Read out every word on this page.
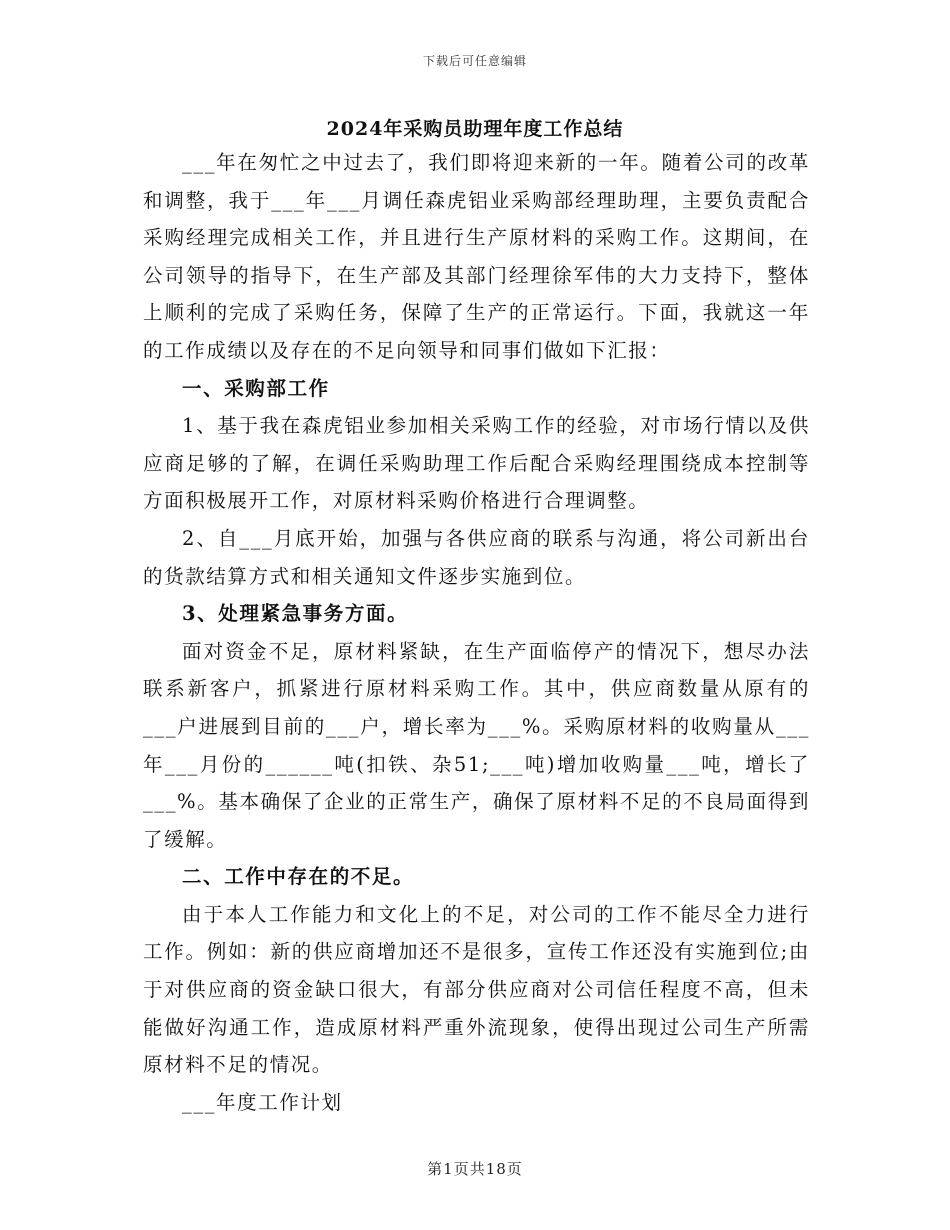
下载后可任意编辑
2024年采购员助理年度工作总结

___年在匆忙之中过去了，我们即将迎来新的一年。随着公司的改革和调整，我于___年___月调任森虎铝业采购部经理助理，主要负责配合采购经理完成相关工作，并且进行生产原材料的采购工作。这期间，在公司领导的指导下，在生产部及其部门经理徐军伟的大力支持下，整体上顺利的完成了采购任务，保障了生产的正常运行。下面，我就这一年的工作成绩以及存在的不足向领导和同事们做如下汇报：

一、采购部工作

1、基于我在森虎铝业参加相关采购工作的经验，对市场行情以及供应商足够的了解，在调任采购助理工作后配合采购经理围绕成本控制等方面积极展开工作，对原材料采购价格进行合理调整。

2、自___月底开始，加强与各供应商的联系与沟通，将公司新出台的货款结算方式和相关通知文件逐步实施到位。

3、处理紧急事务方面。

面对资金不足，原材料紧缺，在生产面临停产的情况下，想尽办法联系新客户，抓紧进行原材料采购工作。其中，供应商数量从原有的___户进展到目前的___户，增长率为___%。采购原材料的收购量从___年___月份的______吨(扣铁、杂51;___吨)增加收购量___吨，增长了___%。基本确保了企业的正常生产，确保了原材料不足的不良局面得到了缓解。

二、工作中存在的不足。

由于本人工作能力和文化上的不足，对公司的工作不能尽全力进行工作。例如：新的供应商增加还不是很多，宣传工作还没有实施到位;由于对供应商的资金缺口很大，有部分供应商对公司信任程度不高，但未能做好沟通工作，造成原材料严重外流现象，使得出现过公司生产所需原材料不足的情况。

___年度工作计划

第1页共18页
